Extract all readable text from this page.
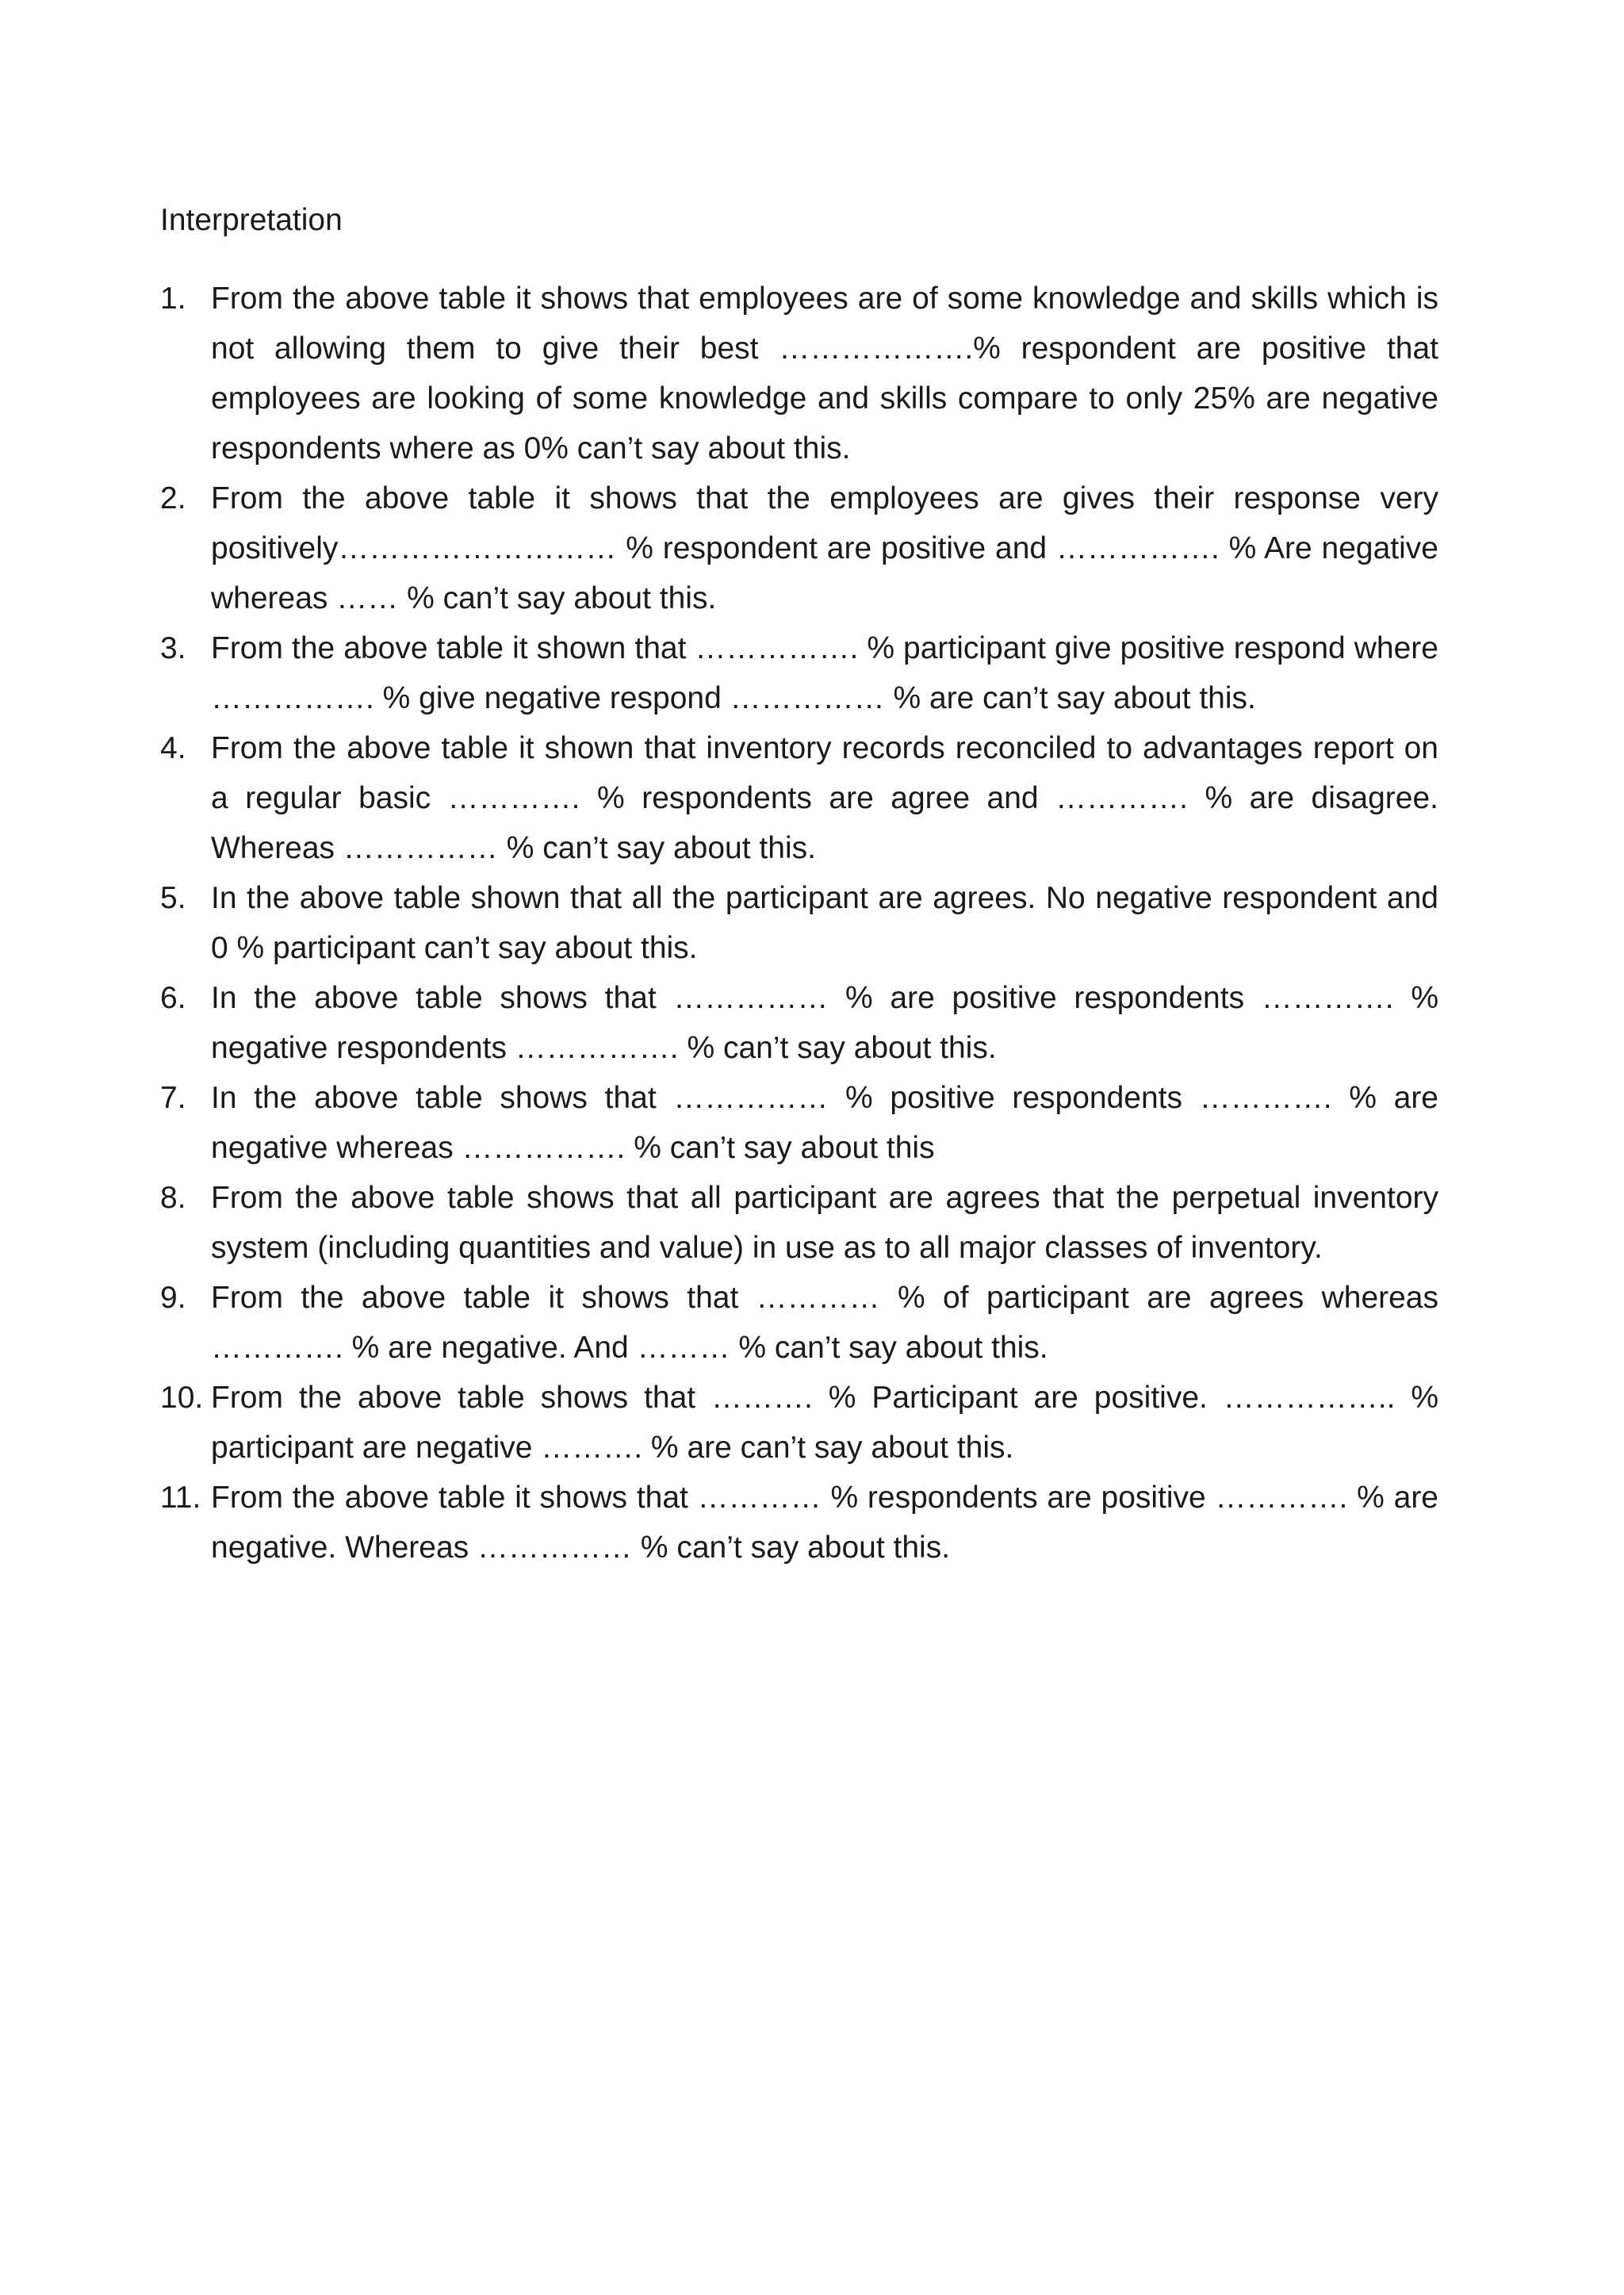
Interpretation
1. From the above table it shows that employees are of some knowledge and skills which is not allowing them to give their best ……………….% respondent are positive that employees are looking of some knowledge and skills compare to only 25% are negative respondents where as 0% can’t say about this.
2. From the above table it shows that the employees are gives their response very positively……………………… % respondent are positive and ……………. % Are negative whereas …… % can’t say about this.
3. From the above table it shown that ……………. % participant give positive respond where ……………. % give negative respond …………… % are can’t say about this.
4. From the above table it shown that inventory records reconciled to advantages report on a regular basic …………. % respondents are agree and …………. % are disagree. Whereas …………… % can’t say about this.
5. In the above table shown that all the participant are agrees. No negative respondent and 0 % participant can’t say about this.
6. In the above table shows that …………… % are positive respondents …………. % negative respondents ……………. % can’t say about this.
7. In the above table shows that …………… % positive respondents …………. % are negative whereas ……………. % can’t say about this
8. From the above table shows that all participant are agrees that the perpetual inventory system (including quantities and value) in use as to all major classes of inventory.
9. From the above table it shows that ………… % of participant are agrees whereas …………. % are negative. And ……… % can’t say about this.
10. From the above table shows that ………. % Participant are positive. …………….. % participant are negative ………. % are can’t say about this.
11. From the above table it shows that ………… % respondents are positive …………. % are negative. Whereas …………… % can’t say about this.
